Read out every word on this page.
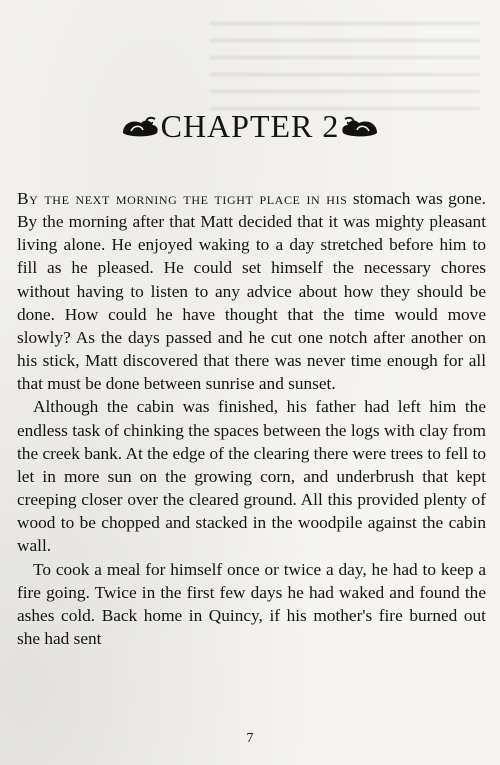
CHAPTER 2

By the next morning the tight place in his stomach was gone. By the morning after that Matt decided that it was mighty pleasant living alone. He enjoyed waking to a day stretched before him to fill as he pleased. He could set himself the necessary chores without having to listen to any advice about how they should be done. How could he have thought that the time would move slowly? As the days passed and he cut one notch after another on his stick, Matt discovered that there was never time enough for all that must be done between sunrise and sunset.

Although the cabin was finished, his father had left him the endless task of chinking the spaces between the logs with clay from the creek bank. At the edge of the clearing there were trees to fell to let in more sun on the growing corn, and underbrush that kept creeping closer over the cleared ground. All this provided plenty of wood to be chopped and stacked in the woodpile against the cabin wall.

To cook a meal for himself once or twice a day, he had to keep a fire going. Twice in the first few days he had waked and found the ashes cold. Back home in Quincy, if his mother's fire burned out she had sent

7
